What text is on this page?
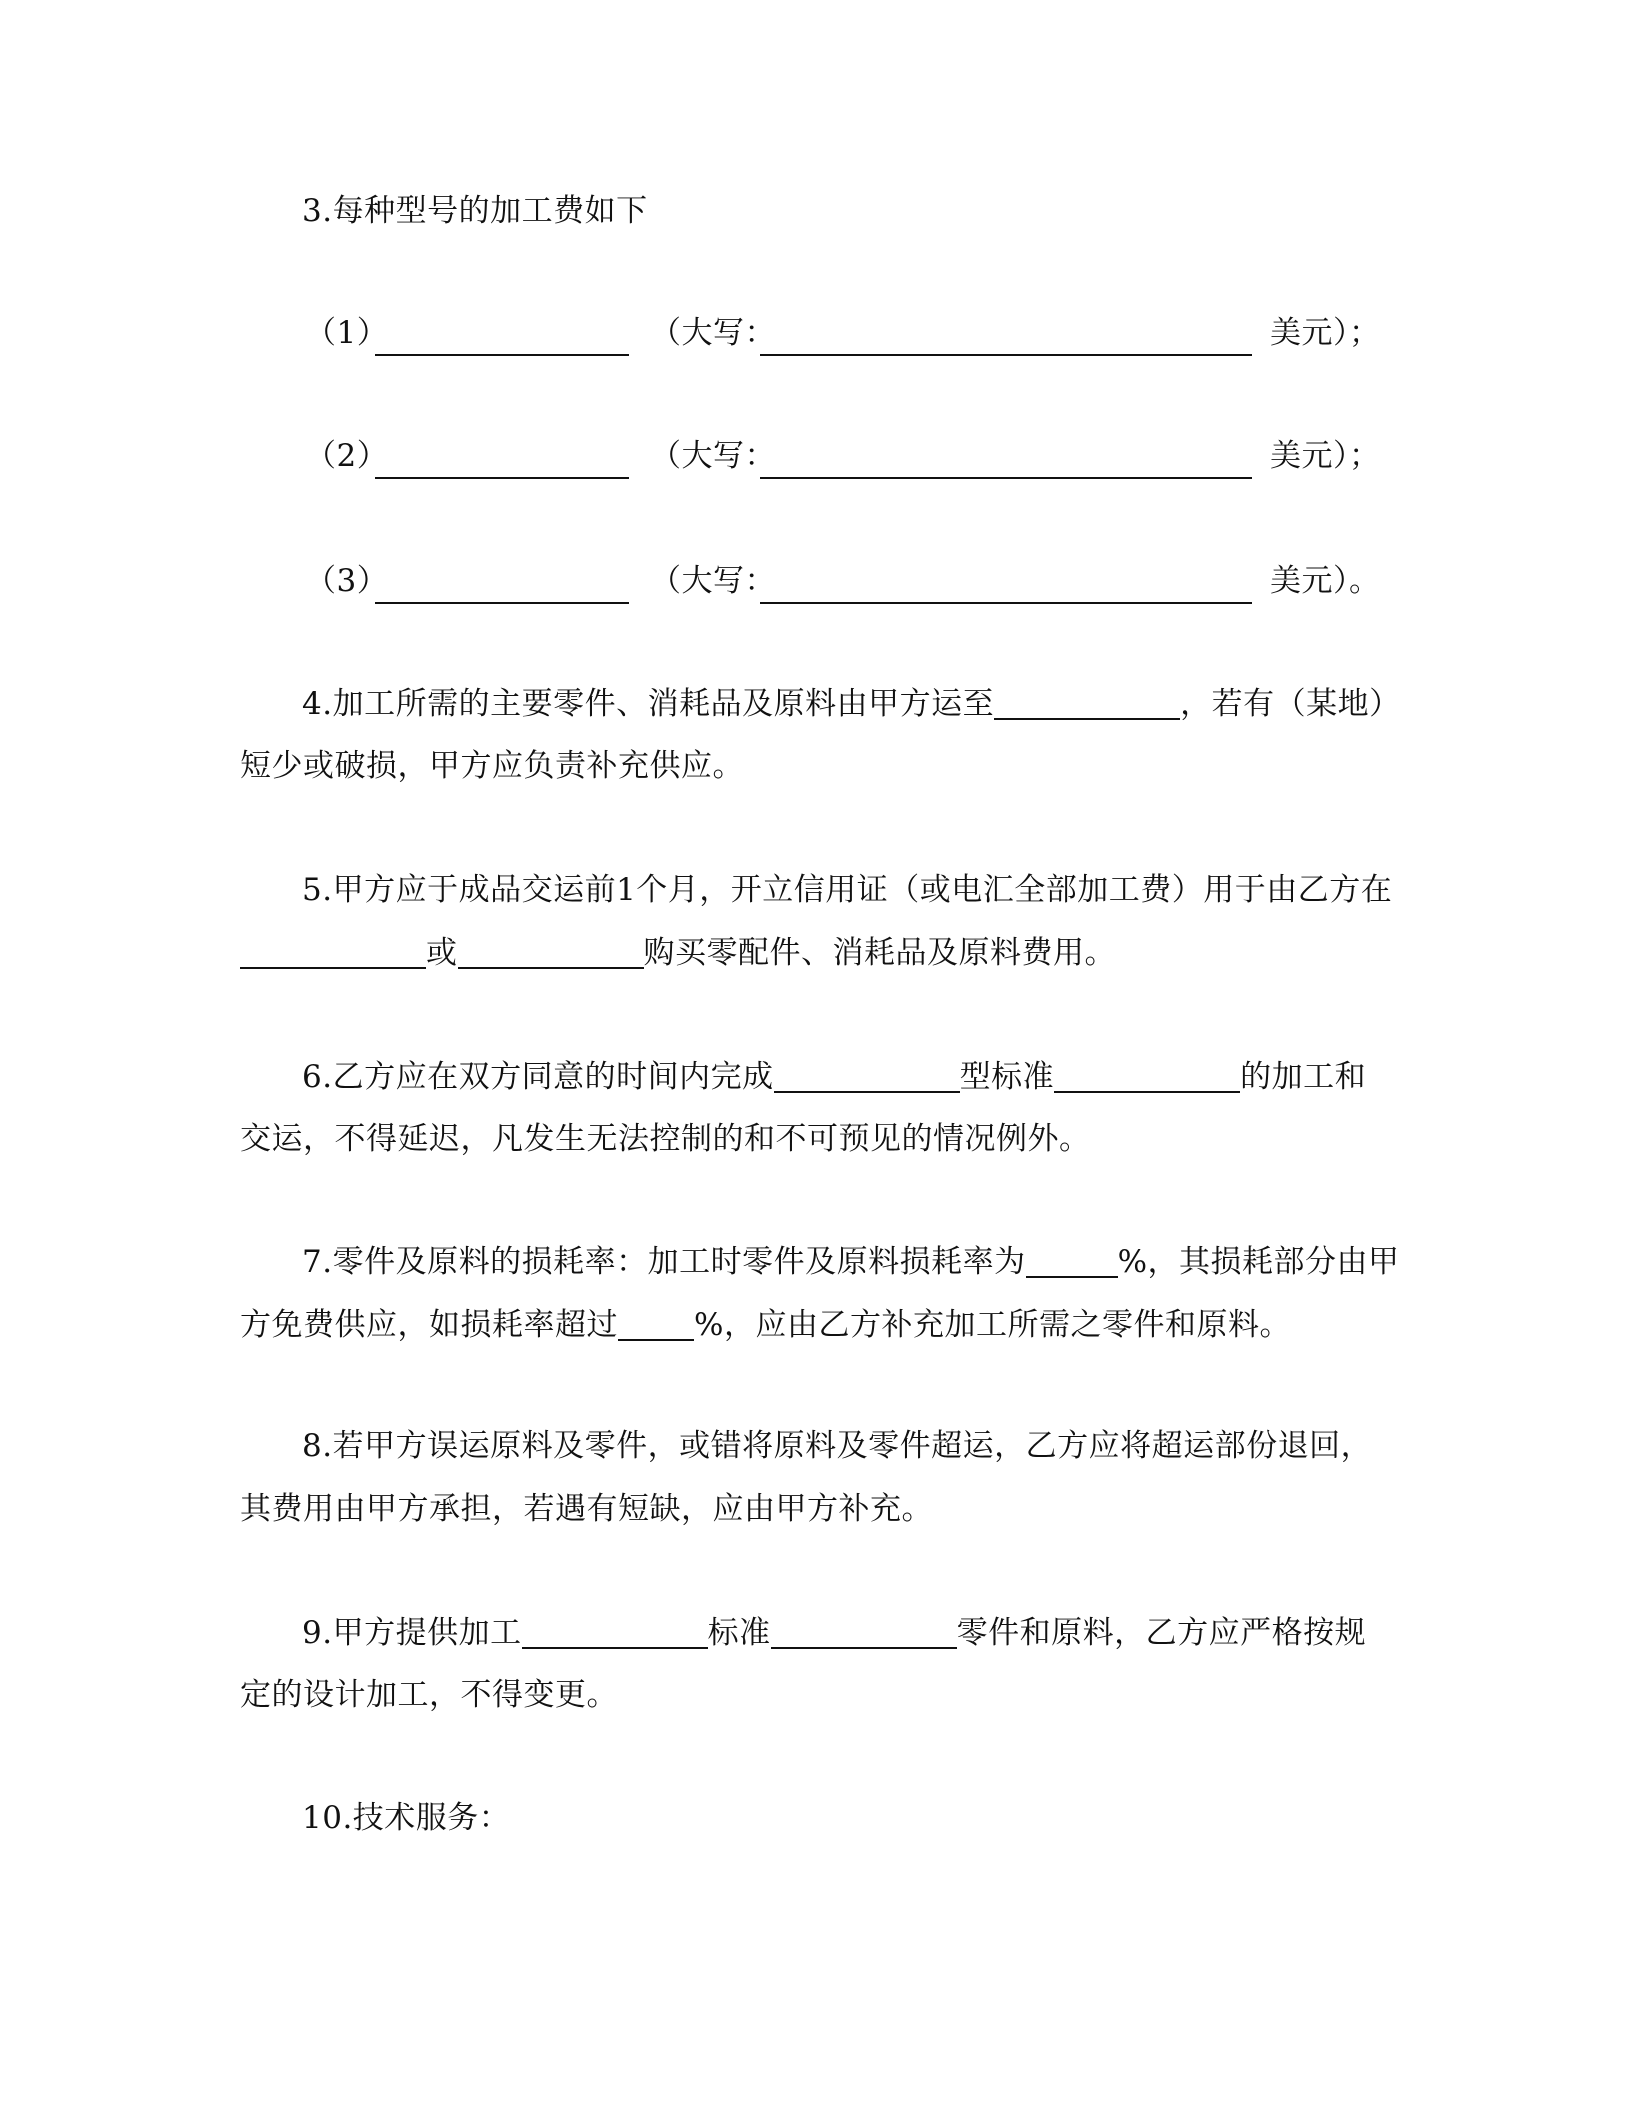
3.每种型号的加工费如下
（1）	（大写：	美元）；
（2）	（大写：	美元）；
（3）	（大写：	美元）。
4.加工所需的主要零件、消耗品及原料由甲方运至	，若有（某地）
短少或破损，甲方应负责补充供应。
5.甲方应于成品交运前1个月，开立信用证（或电汇全部加工费）用于由乙方在
或	购买零配件、消耗品及原料费用。
6.乙方应在双方同意的时间内完成	型标准	的加工和
交运，不得延迟，凡发生无法控制的和不可预见的情况例外。
7.零件及原料的损耗率：加工时零件及原料损耗率为	%，其损耗部分由甲
方免费供应，如损耗率超过 %，应由乙方补充加工所需之零件和原料。
8.若甲方误运原料及零件，或错将原料及零件超运，乙方应将超运部份退回，
其费用由甲方承担，若遇有短缺，应由甲方补充。
9.甲方提供加工	标准	零件和原料，乙方应严格按规
定的设计加工，不得变更。
10.技术服务：
